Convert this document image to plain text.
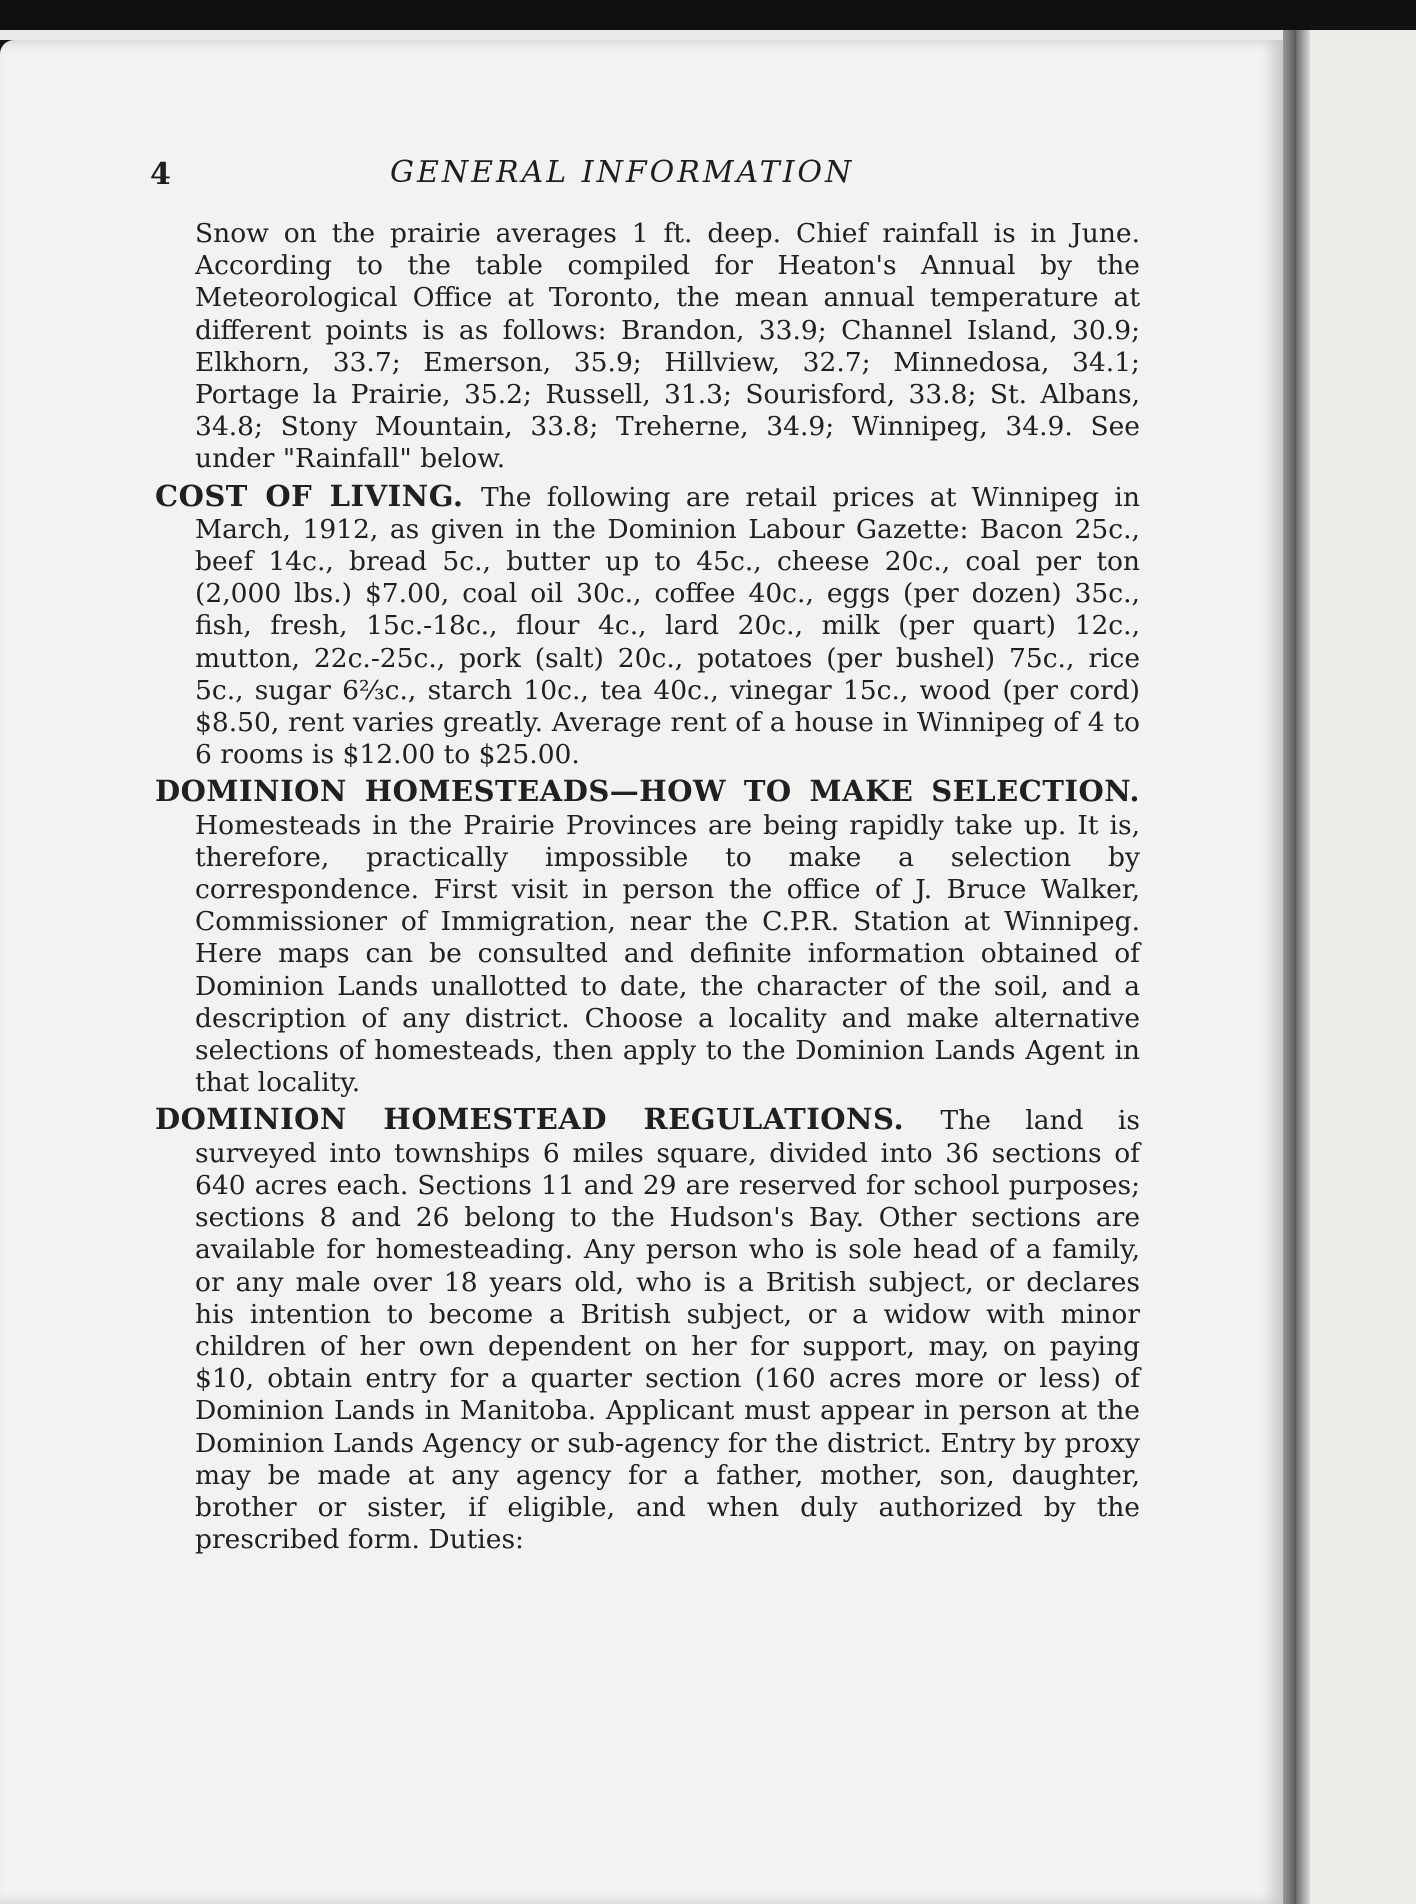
4	GENERAL INFORMATION

Snow on the prairie averages 1 ft. deep. Chief rainfall is in June. According to the table compiled for Heaton's Annual by the Meteorological Office at Toronto, the mean annual temperature at different points is as follows: Brandon, 33.9; Channel Island, 30.9; Elkhorn, 33.7; Emerson, 35.9; Hillview, 32.7; Minnedosa, 34.1; Portage la Prairie, 35.2; Russell, 31.3; Sourisford, 33.8; St. Albans, 34.8; Stony Mountain, 33.8; Treherne, 34.9; Winnipeg, 34.9. See under "Rainfall" below.

COST OF LIVING. The following are retail prices at Winnipeg in March, 1912, as given in the Dominion Labour Gazette: Bacon 25c., beef 14c., bread 5c., butter up to 45c., cheese 20c., coal per ton (2,000 lbs.) $7.00, coal oil 30c., coffee 40c., eggs (per dozen) 35c., fish, fresh, 15c.-18c., flour 4c., lard 20c., milk (per quart) 12c., mutton, 22c.-25c., pork (salt) 20c., potatoes (per bushel) 75c., rice 5c., sugar 6⅔c., starch 10c., tea 40c., vinegar 15c., wood (per cord) $8.50, rent varies greatly. Average rent of a house in Winnipeg of 4 to 6 rooms is $12.00 to $25.00.

DOMINION HOMESTEADS—HOW TO MAKE SELECTION. Homesteads in the Prairie Provinces are being rapidly take up. It is, therefore, practically impossible to make a selection by correspondence. First visit in person the office of J. Bruce Walker, Commissioner of Immigration, near the C.P.R. Station at Winnipeg. Here maps can be consulted and definite information obtained of Dominion Lands unallotted to date, the character of the soil, and a description of any district. Choose a locality and make alternative selections of homesteads, then apply to the Dominion Lands Agent in that locality.

DOMINION HOMESTEAD REGULATIONS. The land is surveyed into townships 6 miles square, divided into 36 sections of 640 acres each. Sections 11 and 29 are reserved for school purposes; sections 8 and 26 belong to the Hudson's Bay. Other sections are available for homesteading. Any person who is sole head of a family, or any male over 18 years old, who is a British subject, or declares his intention to become a British subject, or a widow with minor children of her own dependent on her for support, may, on paying $10, obtain entry for a quarter section (160 acres more or less) of Dominion Lands in Manitoba. Applicant must appear in person at the Dominion Lands Agency or sub-agency for the district. Entry by proxy may be made at any agency for a father, mother, son, daughter, brother or sister, if eligible, and when duly authorized by the prescribed form. Duties:
